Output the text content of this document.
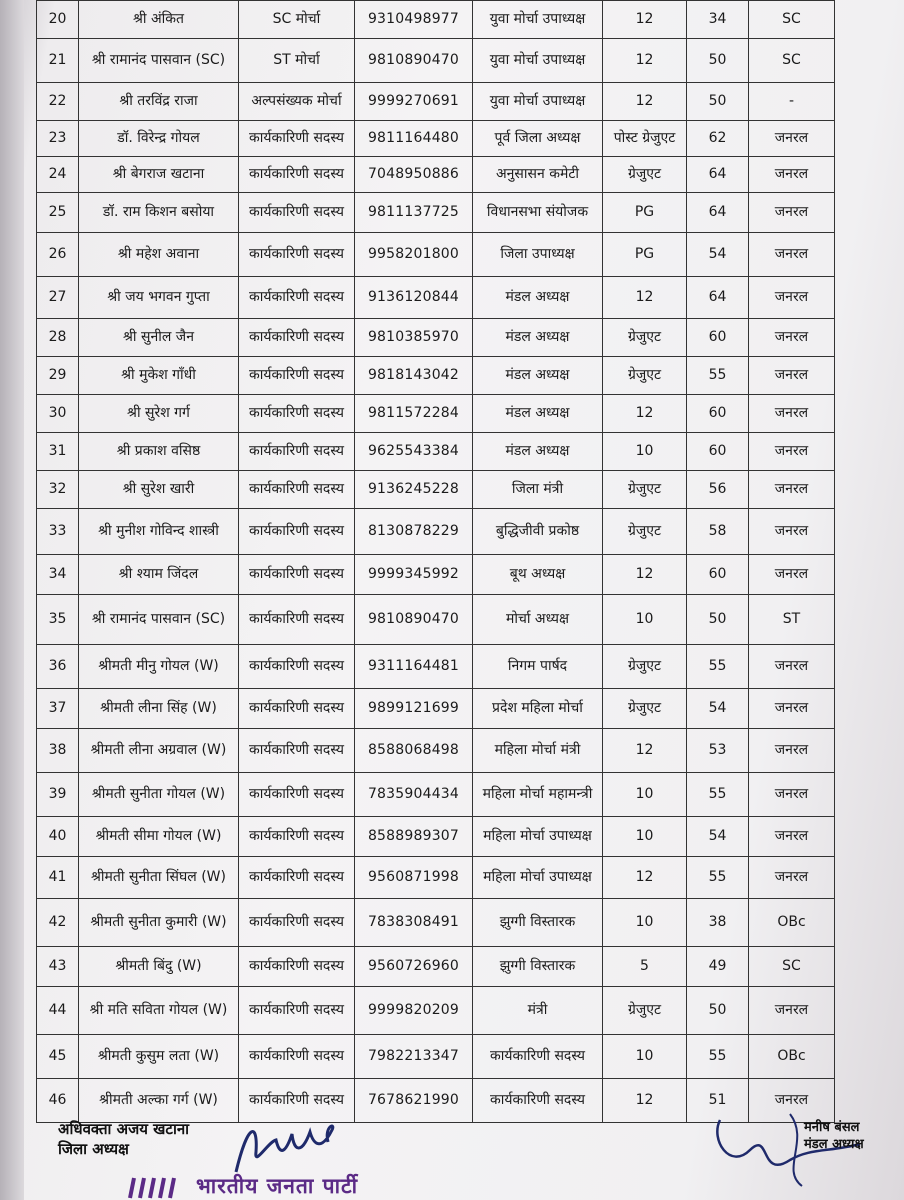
20	श्री अंकित	SC मोर्चा	9310498977	युवा मोर्चा उपाध्यक्ष	12	34	SC
21	श्री रामानंद पासवान (SC)	ST मोर्चा	9810890470	युवा मोर्चा उपाध्यक्ष	12	50	SC
22	श्री तरविंद्र राजा	अल्पसंख्यक मोर्चा	9999270691	युवा मोर्चा उपाध्यक्ष	12	50	-
23	डॉ. विरेन्द्र गोयल	कार्यकारिणी सदस्य	9811164480	पूर्व जिला अध्यक्ष	पोस्ट ग्रेजुएट	62	जनरल
24	श्री बेगराज खटाना	कार्यकारिणी सदस्य	7048950886	अनुसासन कमेटी	ग्रेजुएट	64	जनरल
25	डॉ. राम किशन बसोया	कार्यकारिणी सदस्य	9811137725	विधानसभा संयोजक	PG	64	जनरल
26	श्री महेश अवाना	कार्यकारिणी सदस्य	9958201800	जिला उपाध्यक्ष	PG	54	जनरल
27	श्री जय भगवन गुप्ता	कार्यकारिणी सदस्य	9136120844	मंडल अध्यक्ष	12	64	जनरल
28	श्री सुनील जैन	कार्यकारिणी सदस्य	9810385970	मंडल अध्यक्ष	ग्रेजुएट	60	जनरल
29	श्री मुकेश गाँधी	कार्यकारिणी सदस्य	9818143042	मंडल अध्यक्ष	ग्रेजुएट	55	जनरल
30	श्री सुरेश गर्ग	कार्यकारिणी सदस्य	9811572284	मंडल अध्यक्ष	12	60	जनरल
31	श्री प्रकाश वसिष्ठ	कार्यकारिणी सदस्य	9625543384	मंडल अध्यक्ष	10	60	जनरल
32	श्री सुरेश खारी	कार्यकारिणी सदस्य	9136245228	जिला मंत्री	ग्रेजुएट	56	जनरल
33	श्री मुनीश गोविन्द शास्त्री	कार्यकारिणी सदस्य	8130878229	बुद्धिजीवी प्रकोष्ठ	ग्रेजुएट	58	जनरल
34	श्री श्याम जिंदल	कार्यकारिणी सदस्य	9999345992	बूथ अध्यक्ष	12	60	जनरल
35	श्री रामानंद पासवान (SC)	कार्यकारिणी सदस्य	9810890470	मोर्चा अध्यक्ष	10	50	ST
36	श्रीमती मीनु गोयल (W)	कार्यकारिणी सदस्य	9311164481	निगम पार्षद	ग्रेजुएट	55	जनरल
37	श्रीमती लीना सिंह (W)	कार्यकारिणी सदस्य	9899121699	प्रदेश महिला मोर्चा	ग्रेजुएट	54	जनरल
38	श्रीमती लीना अग्रवाल (W)	कार्यकारिणी सदस्य	8588068498	महिला मोर्चा मंत्री	12	53	जनरल
39	श्रीमती सुनीता गोयल (W)	कार्यकारिणी सदस्य	7835904434	महिला मोर्चा महामन्त्री	10	55	जनरल
40	श्रीमती सीमा गोयल (W)	कार्यकारिणी सदस्य	8588989307	महिला मोर्चा उपाध्यक्ष	10	54	जनरल
41	श्रीमती सुनीता सिंघल (W)	कार्यकारिणी सदस्य	9560871998	महिला मोर्चा उपाध्यक्ष	12	55	जनरल
42	श्रीमती सुनीता कुमारी (W)	कार्यकारिणी सदस्य	7838308491	झुग्गी विस्तारक	10	38	OBc
43	श्रीमती बिंदु (W)	कार्यकारिणी सदस्य	9560726960	झुग्गी विस्तारक	5	49	SC
44	श्री मति सविता गोयल (W)	कार्यकारिणी सदस्य	9999820209	मंत्री	ग्रेजुएट	50	जनरल
45	श्रीमती कुसुम लता (W)	कार्यकारिणी सदस्य	7982213347	कार्यकारिणी सदस्य	10	55	OBc
46	श्रीमती अल्का गर्ग (W)	कार्यकारिणी सदस्य	7678621990	कार्यकारिणी सदस्य	12	51	जनरल
अधिवक्ता अजय खटाना
जिला अध्यक्ष
मनीष बंसल
मंडल अध्यक्ष
भारतीय जनता पार्टी
